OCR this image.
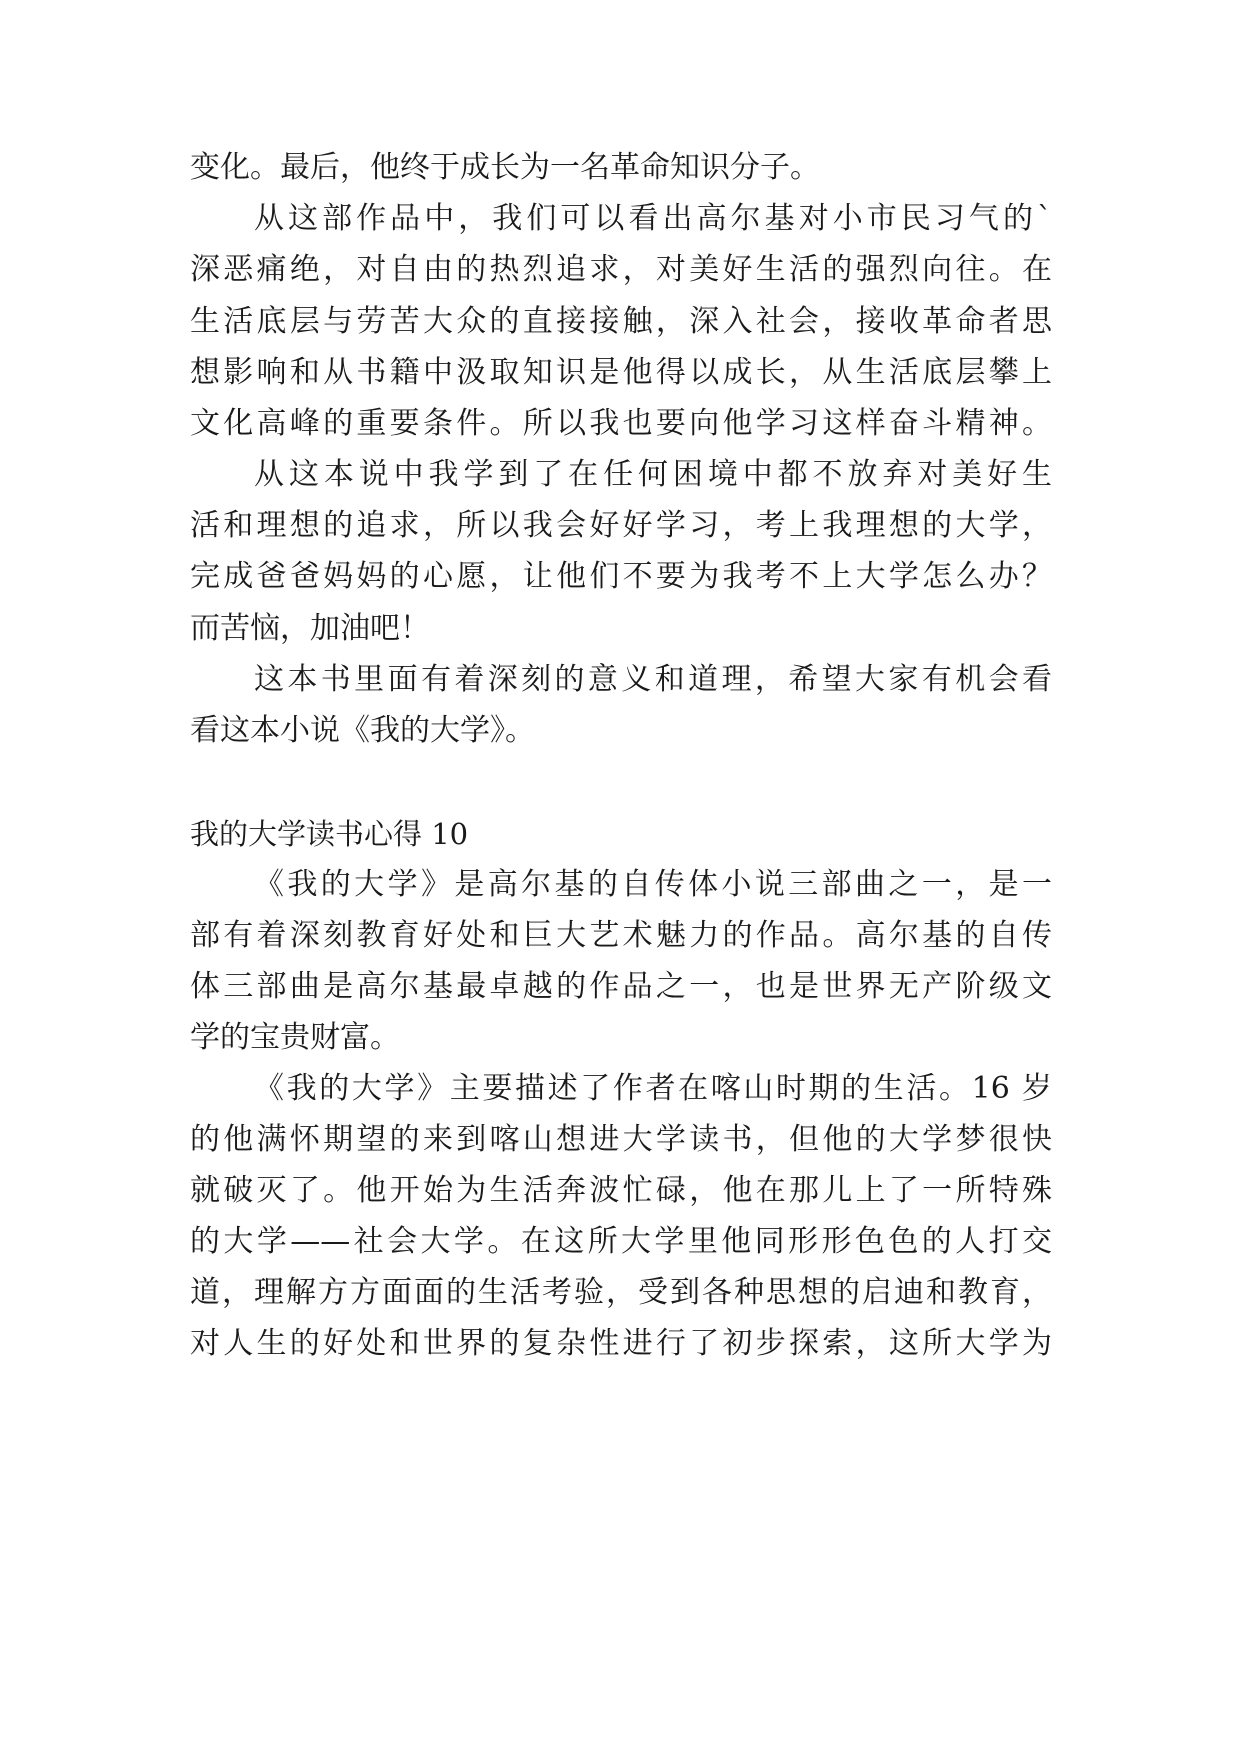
变化。最后，他终于成长为一名革命知识分子。
从这部作品中，我们可以看出高尔基对小市民习气的`
深恶痛绝，对自由的热烈追求，对美好生活的强烈向往。在
生活底层与劳苦大众的直接接触，深入社会，接收革命者思
想影响和从书籍中汲取知识是他得以成长，从生活底层攀上
文化高峰的重要条件。所以我也要向他学习这样奋斗精神。
从这本说中我学到了在任何困境中都不放弃对美好生
活和理想的追求，所以我会好好学习，考上我理想的大学，
完成爸爸妈妈的心愿，让他们不要为我考不上大学怎么办？
而苦恼，加油吧！
这本书里面有着深刻的意义和道理，希望大家有机会看
看这本小说《我的大学》。
我的大学读书心得 10
《我的大学》是高尔基的自传体小说三部曲之一，是一
部有着深刻教育好处和巨大艺术魅力的作品。高尔基的自传
体三部曲是高尔基最卓越的作品之一，也是世界无产阶级文
学的宝贵财富。
《我的大学》主要描述了作者在喀山时期的生活。16 岁
的他满怀期望的来到喀山想进大学读书，但他的大学梦很快
就破灭了。他开始为生活奔波忙碌，他在那儿上了一所特殊
的大学——社会大学。在这所大学里他同形形色色的人打交
道，理解方方面面的生活考验，受到各种思想的启迪和教育，
对人生的好处和世界的复杂性进行了初步探索，这所大学为
